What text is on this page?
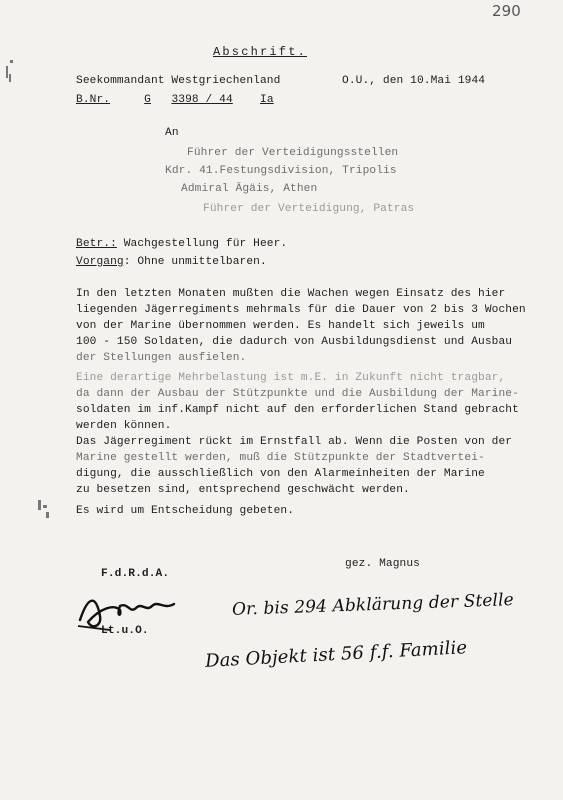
290
Abschrift.
Seekommandant Westgriechenland	O.U., den 10.Mai 1944
B.Nr.	G 3398 / 44 Ia
An
Führer der Verteidigungsstellen
Kdr. 41.Festungsdivision, Tripolis
Admiral Ägäis, Athen
Führer der Verteidigung, Patras
Betr.: Wachgestellung für Heer.
Vorgang: Ohne unmittelbaren.
In den letzten Monaten mußten die Wachen wegen Einsatz des hier
liegenden Jägerregiments mehrmals für die Dauer von 2 bis 3 Wochen
von der Marine übernommen werden. Es handelt sich jeweils um
100 - 150 Soldaten, die dadurch von Ausbildungsdienst und Ausbau
der Stellungen ausfielen.
Eine derartige Mehrbelastung ist m.E. in Zukunft nicht tragbar,
da dann der Ausbau der Stützpunkte und die Ausbildung der Marine-
soldaten im inf.Kampf nicht auf den erforderlichen Stand gebracht
werden können.
Das Jägerregiment rückt im Ernstfall ab. Wenn die Posten von der
Marine gestellt werden, muß die Stützpunkte der Stadtvertei-
digung, die ausschließlich von den Alarmeinheiten der Marine
zu besetzen sind, entsprechend geschwächt werden.
Es wird um Entscheidung gebeten.
gez. Magnus
F.d.R.d.A.
Lt.u.O.
Or. bis 294 Abklärung der Stelle
Das Objekt ist 56 f.f. Familie
